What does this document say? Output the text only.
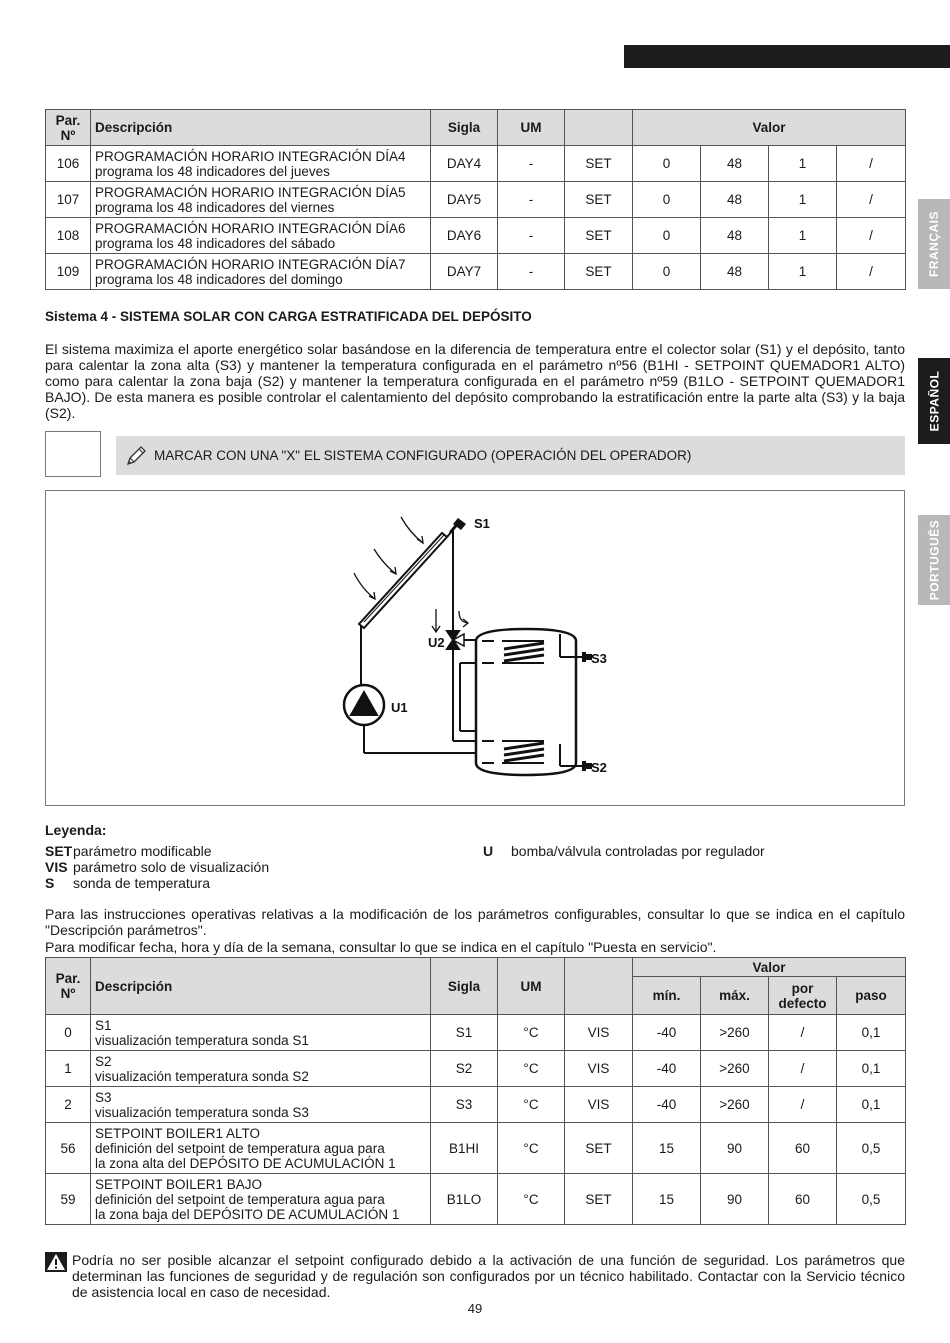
FRANÇAIS
ESPAÑOL
PORTUGUÊS
Par. Nº	Descripción	Sigla	UM		Valor			
106	PROGRAMACIÓN HORARIO INTEGRACIÓN DÍA4
programa los 48 indicadores del jueves	DAY4	-	SET	0	48	1	/
107	PROGRAMACIÓN HORARIO INTEGRACIÓN DÍA5
programa los 48 indicadores del viernes	DAY5	-	SET	0	48	1	/
108	PROGRAMACIÓN HORARIO INTEGRACIÓN DÍA6
programa los 48 indicadores del sábado	DAY6	-	SET	0	48	1	/
109	PROGRAMACIÓN HORARIO INTEGRACIÓN DÍA7
programa los 48 indicadores del domingo	DAY7	-	SET	0	48	1	/
Sistema 4 - SISTEMA SOLAR CON CARGA ESTRATIFICADA DEL DEPÓSITO
El sistema maximiza el aporte energético solar basándose en la diferencia de temperatura entre el colector solar (S1) y el depósito, tanto para calentar la zona alta (S3) y mantener la temperatura configurada en el parámetro nº56 (B1HI - SETPOINT QUEMADOR1 ALTO) como para calentar la zona baja (S2) y mantener la temperatura configurada en el parámetro nº59 (B1LO - SETPOINT QUEMADOR1 BAJO). De esta manera es posible controlar el calentamiento del depósito comprobando la estratificación entre la parte alta (S3) y la baja (S2).
MARCAR CON UNA "X" EL SISTEMA CONFIGURADO (OPERACIÓN DEL OPERADOR)
S1
S3
S2
U1
U2
Leyenda:
SETparámetro modificable
VIS parámetro solo de visualización
S sonda de temperatura
U bomba/válvula controladas por regulador
Para las instrucciones operativas relativas a la modificación de los parámetros configurables, consultar lo que se indica en el capítulo "Descripción parámetros".
Para modificar fecha, hora y día de la semana, consultar lo que se indica en el capítulo "Puesta en servicio".
Par. Nº	Descripción	Sigla	UM		Valor			
					mín.	máx.	por defecto	paso
0	S1
visualización temperatura sonda S1	S1	°C	VIS	-40	>260	/	0,1
1	S2
visualización temperatura sonda S2	S2	°C	VIS	-40	>260	/	0,1
2	S3
visualización temperatura sonda S3	S3	°C	VIS	-40	>260	/	0,1
56	SETPOINT BOILER1 ALTO
definición del setpoint de temperatura agua para
la zona alta del DEPÓSITO DE ACUMULACIÓN 1	B1HI	°C	SET	15	90	60	0,5
59	SETPOINT BOILER1 BAJO
definición del setpoint de temperatura agua para
la zona baja del DEPÓSITO DE ACUMULACIÓN 1	B1LO	°C	SET	15	90	60	0,5
Podría no ser posible alcanzar el setpoint configurado debido a la activación de una función de seguridad. Los parámetros que determinan las funciones de seguridad y de regulación son configurados por un técnico habilitado. Contactar con la Servicio técnico de asistencia local en caso de necesidad.
49
